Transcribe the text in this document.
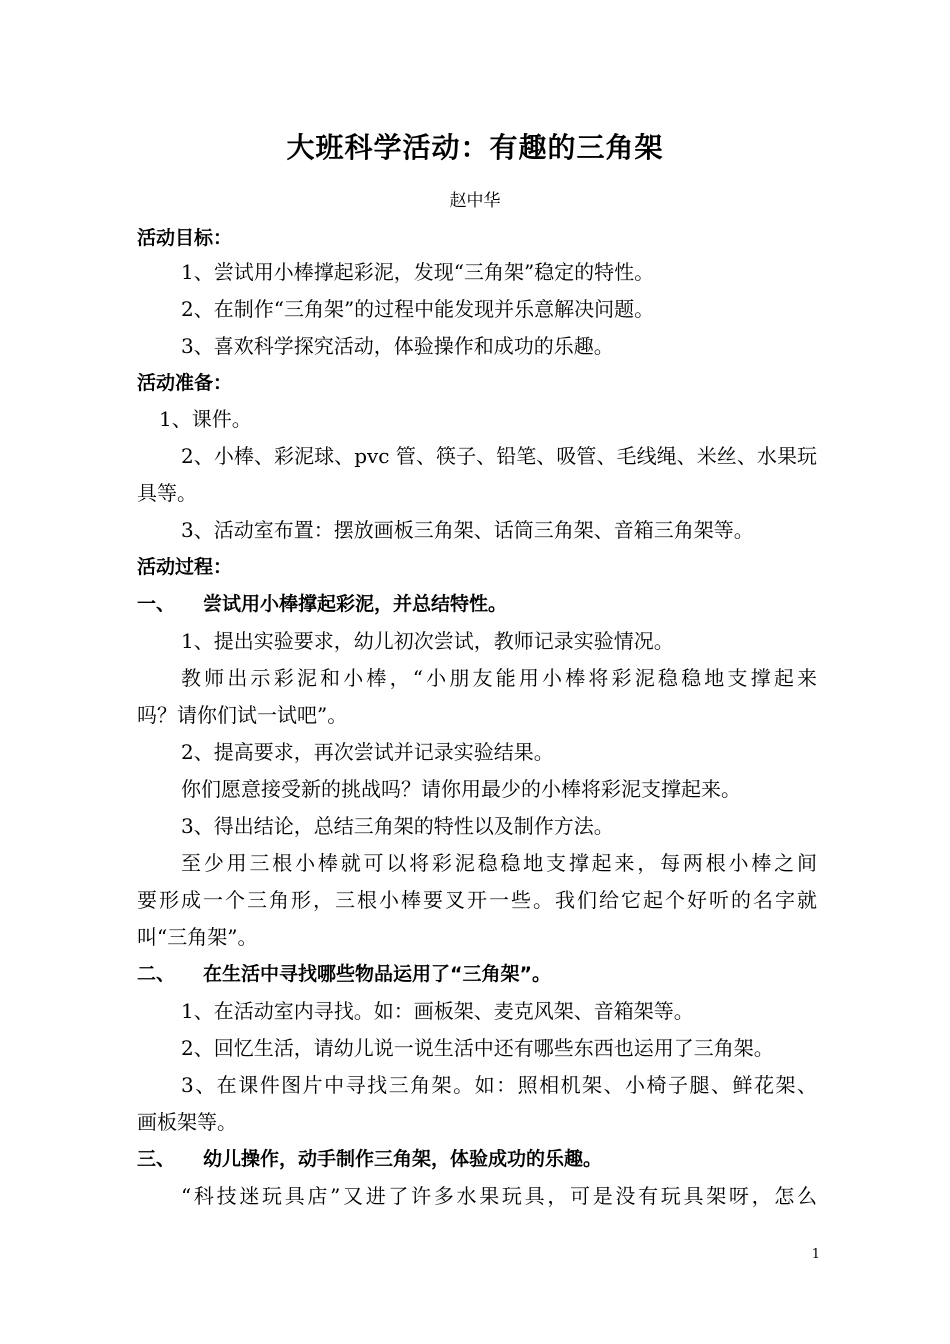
大班科学活动：有趣的三角架
赵中华
活动目标：
1、尝试用小棒撑起彩泥，发现“三角架”稳定的特性。
2、在制作“三角架”的过程中能发现并乐意解决问题。
3、喜欢科学探究活动，体验操作和成功的乐趣。
活动准备：
1、课件。
2、小棒、彩泥球、pvc 管、筷子、铅笔、吸管、毛线绳、米丝、水果玩
具等。
3、活动室布置：摆放画板三角架、话筒三角架、音箱三角架等。
活动过程：
一、 尝试用小棒撑起彩泥，并总结特性。
1、提出实验要求，幼儿初次尝试，教师记录实验情况。
教师出示彩泥和小棒，“小朋友能用小棒将彩泥稳稳地支撑起来
吗？请你们试一试吧”。
2、提高要求，再次尝试并记录实验结果。
你们愿意接受新的挑战吗？请你用最少的小棒将彩泥支撑起来。
3、得出结论，总结三角架的特性以及制作方法。
至少用三根小棒就可以将彩泥稳稳地支撑起来，每两根小棒之间
要形成一个三角形，三根小棒要叉开一些。我们给它起个好听的名字就
叫“三角架”。
二、 在生活中寻找哪些物品运用了“三角架”。
1、在活动室内寻找。如：画板架、麦克风架、音箱架等。
2、回忆生活，请幼儿说一说生活中还有哪些东西也运用了三角架。
3、在课件图片中寻找三角架。如：照相机架、小椅子腿、鲜花架、
画板架等。
三、 幼儿操作，动手制作三角架，体验成功的乐趣。
“科技迷玩具店”又进了许多水果玩具，可是没有玩具架呀，怎么
1
